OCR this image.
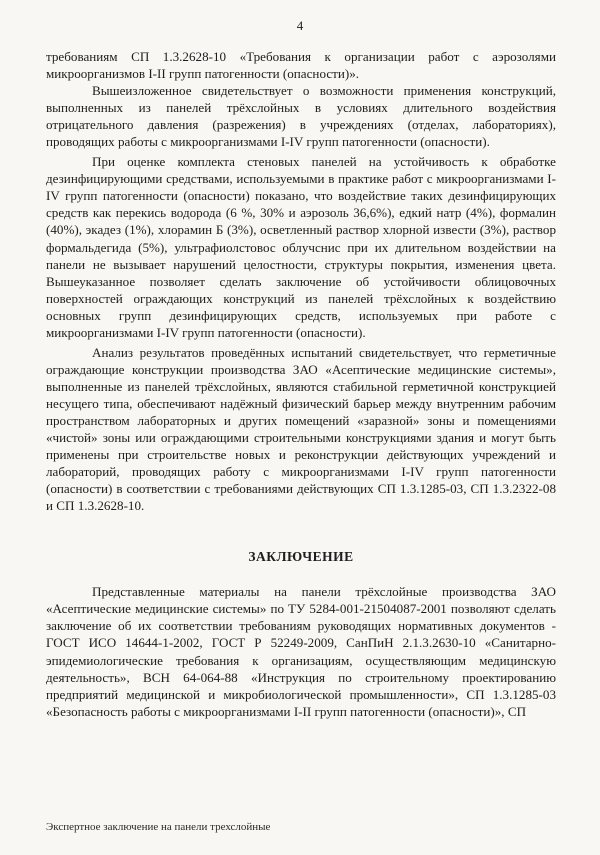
4

требованиям СП 1.3.2628-10 «Требования к организации работ с аэрозолями микроорганизмов I-II групп патогенности (опасности)».

Вышеизложенное свидетельствует о возможности применения конструкций, выполненных из панелей трёхслойных в условиях длительного воздействия отрицательного давления (разрежения) в учреждениях (отделах, лабораториях), проводящих работы с микроорганизмами I-IV групп патогенности (опасности).

При оценке комплекта стеновых панелей на устойчивость к обработке дезинфицирующими средствами, используемыми в практике работ с микроорганизмами I-IV групп патогенности (опасности) показано, что воздействие таких дезинфицирующих средств как перекись водорода (6 %, 30% и аэрозоль 36,6%), едкий натр (4%), формалин (40%), экадез (1%), хлорамин Б (3%), осветленный раствор хлорной извести (3%), раствор формальдегида (5%), ультрафиолстовос облучснис при их длительном воздействии на панели не вызывает нарушений целостности, структуры покрытия, изменения цвета. Вышеуказанное позволяет сделать заключение об устойчивости облицовочных поверхностей ограждающих конструкций из панелей трёхслойных к воздействию основных групп дезинфицирующих средств, используемых при работе с микроорганизмами I-IV групп патогенности (опасности).

Анализ результатов проведённых испытаний свидетельствует, что герметичные ограждающие конструкции производства ЗАО «Асептические медицинские системы», выполненные из панелей трёхслойных, являются стабильной герметичной конструкцией несущего типа, обеспечивают надёжный физический барьер между внутренним рабочим пространством лабораторных и других помещений «заразной» зоны и помещениями «чистой» зоны или ограждающими строительными конструкциями здания и могут быть применены при строительстве новых и реконструкции действующих учреждений и лабораторий, проводящих работу с микроорганизмами I-IV групп патогенности (опасности) в соответствии с требованиями действующих СП 1.3.1285-03, СП 1.3.2322-08 и СП 1.3.2628-10.

ЗАКЛЮЧЕНИЕ

Представленные материалы на панели трёхслойные производства ЗАО «Асептические медицинские системы» по ТУ 5284-001-21504087-2001 позволяют сделать заключение об их соответствии требованиям руководящих нормативных документов - ГОСТ ИСО 14644-1-2002, ГОСТ Р 52249-2009, СанПиН 2.1.3.2630-10 «Санитарно-эпидемиологические требования к организациям, осуществляющим медицинскую деятельность», ВСН 64-064-88 «Инструкция по строительному проектированию предприятий медицинской и микробиологической промышленности», СП 1.3.1285-03 «Безопасность работы с микроорганизмами I-II групп патогенности (опасности)», СП

Экспертное заключение на панели трехслойные
